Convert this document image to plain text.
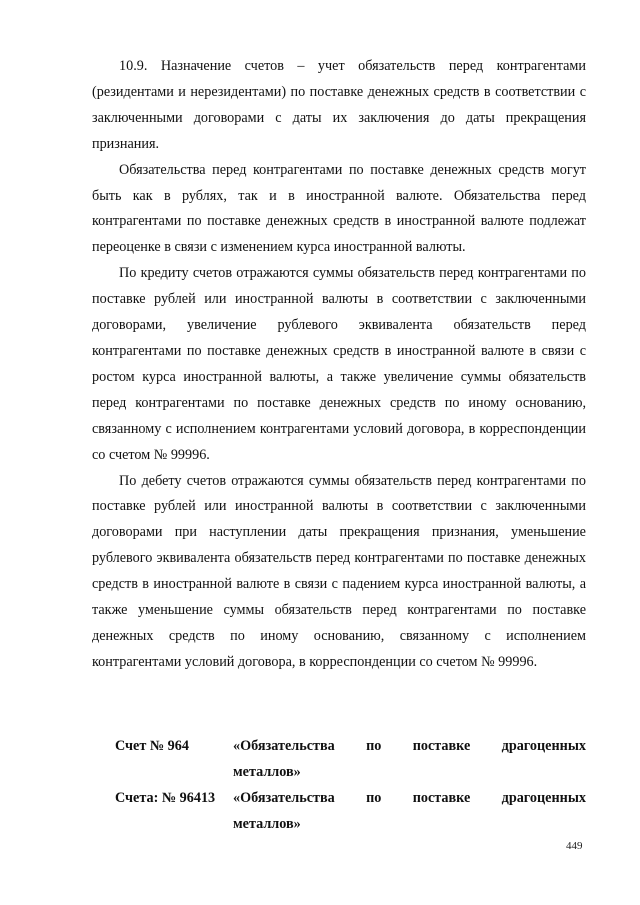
10.9. Назначение счетов – учет обязательств перед контрагентами (резидентами и нерезидентами) по поставке денежных средств в соответствии с заключенными договорами с даты их заключения до даты прекращения признания.

Обязательства перед контрагентами по поставке денежных средств могут быть как в рублях, так и в иностранной валюте. Обязательства перед контрагентами по поставке денежных средств в иностранной валюте подлежат переоценке в связи с изменением курса иностранной валюты.

По кредиту счетов отражаются суммы обязательств перед контрагентами по поставке рублей или иностранной валюты в соответствии с заключенными договорами, увеличение рублевого эквивалента обязательств перед контрагентами по поставке денежных средств в иностранной валюте в связи с ростом курса иностранной валюты, а также увеличение суммы обязательств перед контрагентами по поставке денежных средств по иному основанию, связанному с исполнением контрагентами условий договора, в корреспонденции со счетом № 99996.

По дебету счетов отражаются суммы обязательств перед контрагентами по поставке рублей или иностранной валюты в соответствии с заключенными договорами при наступлении даты прекращения признания, уменьшение рублевого эквивалента обязательств перед контрагентами по поставке денежных средств в иностранной валюте в связи с падением курса иностранной валюты, а также уменьшение суммы обязательств перед контрагентами по поставке денежных средств по иному основанию, связанному с исполнением контрагентами условий договора, в корреспонденции со счетом № 99996.

Счет № 964	«Обязательства по поставке драгоценных
металлов»
Счета: № 96413	«Обязательства по поставке драгоценных
металлов»
449
